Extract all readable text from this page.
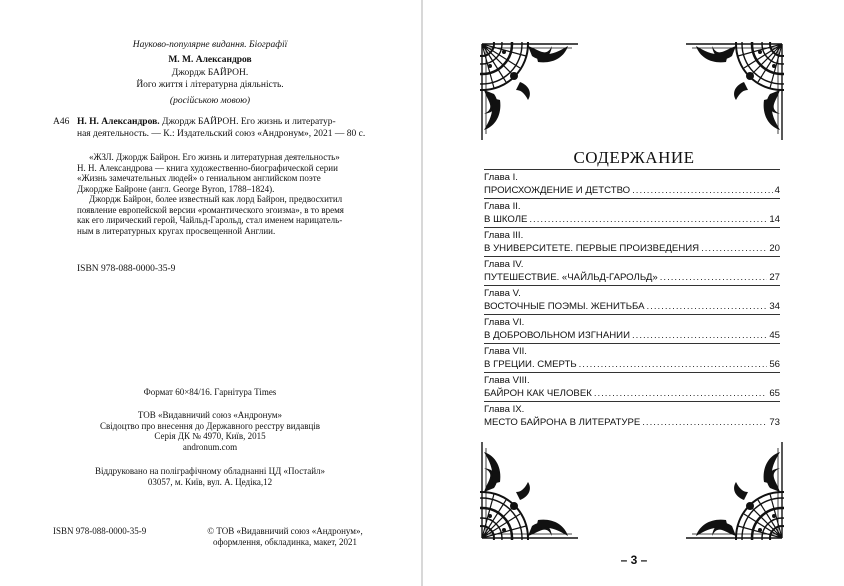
Науково-популярне видання. Біографії
М. М. Александров
Джордж БАЙРОН.
Його життя і літературна діяльність.
(російською мовою)
А46 Н. Н. Александров. Джордж БАЙРОН. Его жизнь и литератур-
ная деятельность. — К.: Издательский союз «Андронум», 2021 — 80 с.
«ЖЗЛ. Джордж Байрон. Его жизнь и литературная деятельность»
Н. Н. Александрова — книга художественно-биографической серии
«Жизнь замечательных людей» о гениальном английском поэте
Джордже Байроне (англ. George Byron, 1788–1824).
Джордж Байрон, более известный как лорд Байрон, предвосхитил
появление европейской версии «романтического эгоизма», в то время
как его лирический герой, Чайльд-Гарольд, стал именем нарицатель-
ным в литературных кругах просвещенной Англии.
ISBN 978-088-0000-35-9
Формат 60×84/16. Гарнітура Times
ТОВ «Видавничий союз «Андронум»
Свідоцтво про внесення до Державного реєстру видавців
Серія ДК № 4970, Київ, 2015
andronum.com
Віддруковано на поліграфічному обладнанні ЦД «Постайл»
03057, м. Київ, вул. А. Цедіка,12
ISBN 978-088-0000-35-9	© ТОВ «Видавничий союз «Андронум»,
оформлення, обкладинка, макет, 2021
СОДЕРЖАНИЕ
Глава I.
ПРОИСХОЖДЕНИЕ И ДЕТСТВО .....	4
Глава II.
В ШКОЛЕ .....	14
Глава III.
В УНИВЕРСИТЕТЕ. ПЕРВЫЕ ПРОИЗВЕДЕНИЯ .....	20
Глава IV.
ПУТЕШЕСТВИЕ. «ЧАЙЛЬД-ГАРОЛЬД» .....	27
Глава V.
ВОСТОЧНЫЕ ПОЭМЫ. ЖЕНИТЬБА .....	34
Глава VI.
В ДОБРОВОЛЬНОМ ИЗГНАНИИ .....	45
Глава VII.
В ГРЕЦИИ. СМЕРТЬ .....	56
Глава VIII.
БАЙРОН КАК ЧЕЛОВЕК .....	65
Глава IX.
МЕСТО БАЙРОНА В ЛИТЕРАТУРЕ .....	73
– 3 –
